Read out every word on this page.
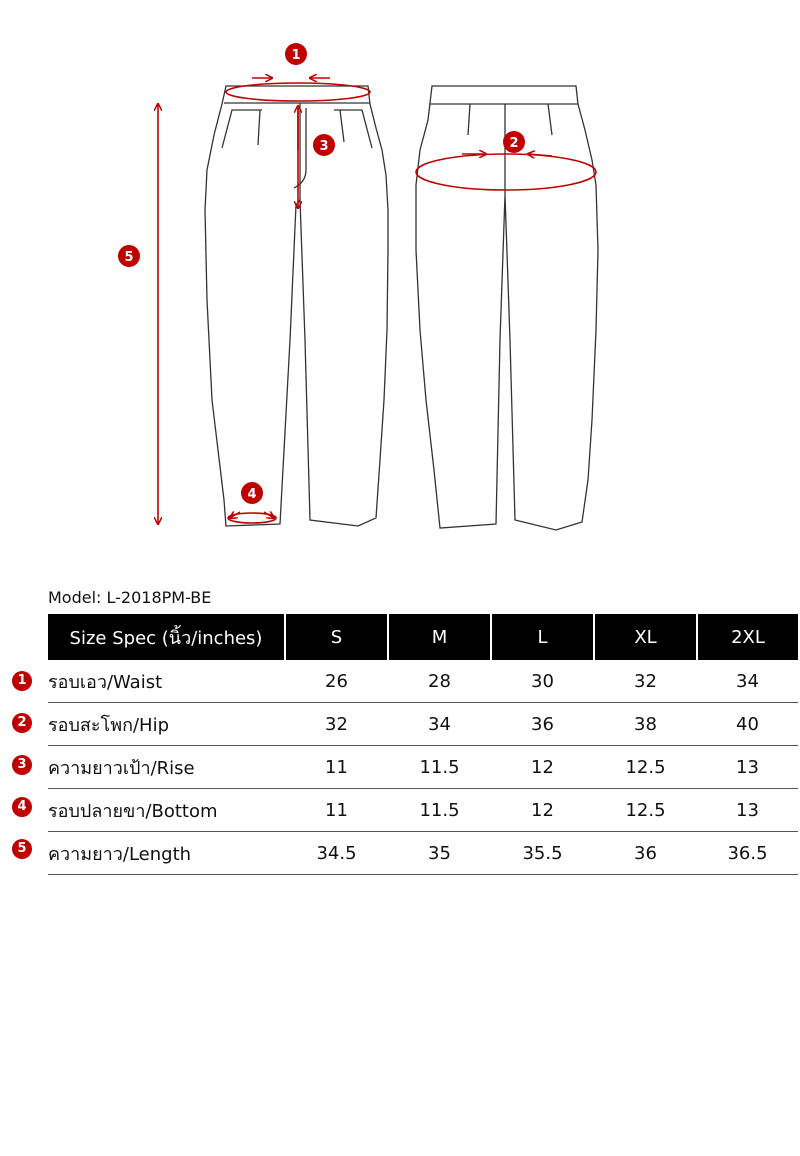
1
2
3
4
5
Model: L-2018PM-BE
Size Spec (นิ้ว/inches)	S	M	L	XL	2XL
รอบเอว/Waist	26	28	30	32	34
รอบสะโพก/Hip	32	34	36	38	40
ความยาวเป้า/Rise	11	11.5	12	12.5	13
รอบปลายขา/Bottom	11	11.5	12	12.5	13
ความยาว/Length	34.5	35	35.5	36	36.5
1
2
3
4
5
